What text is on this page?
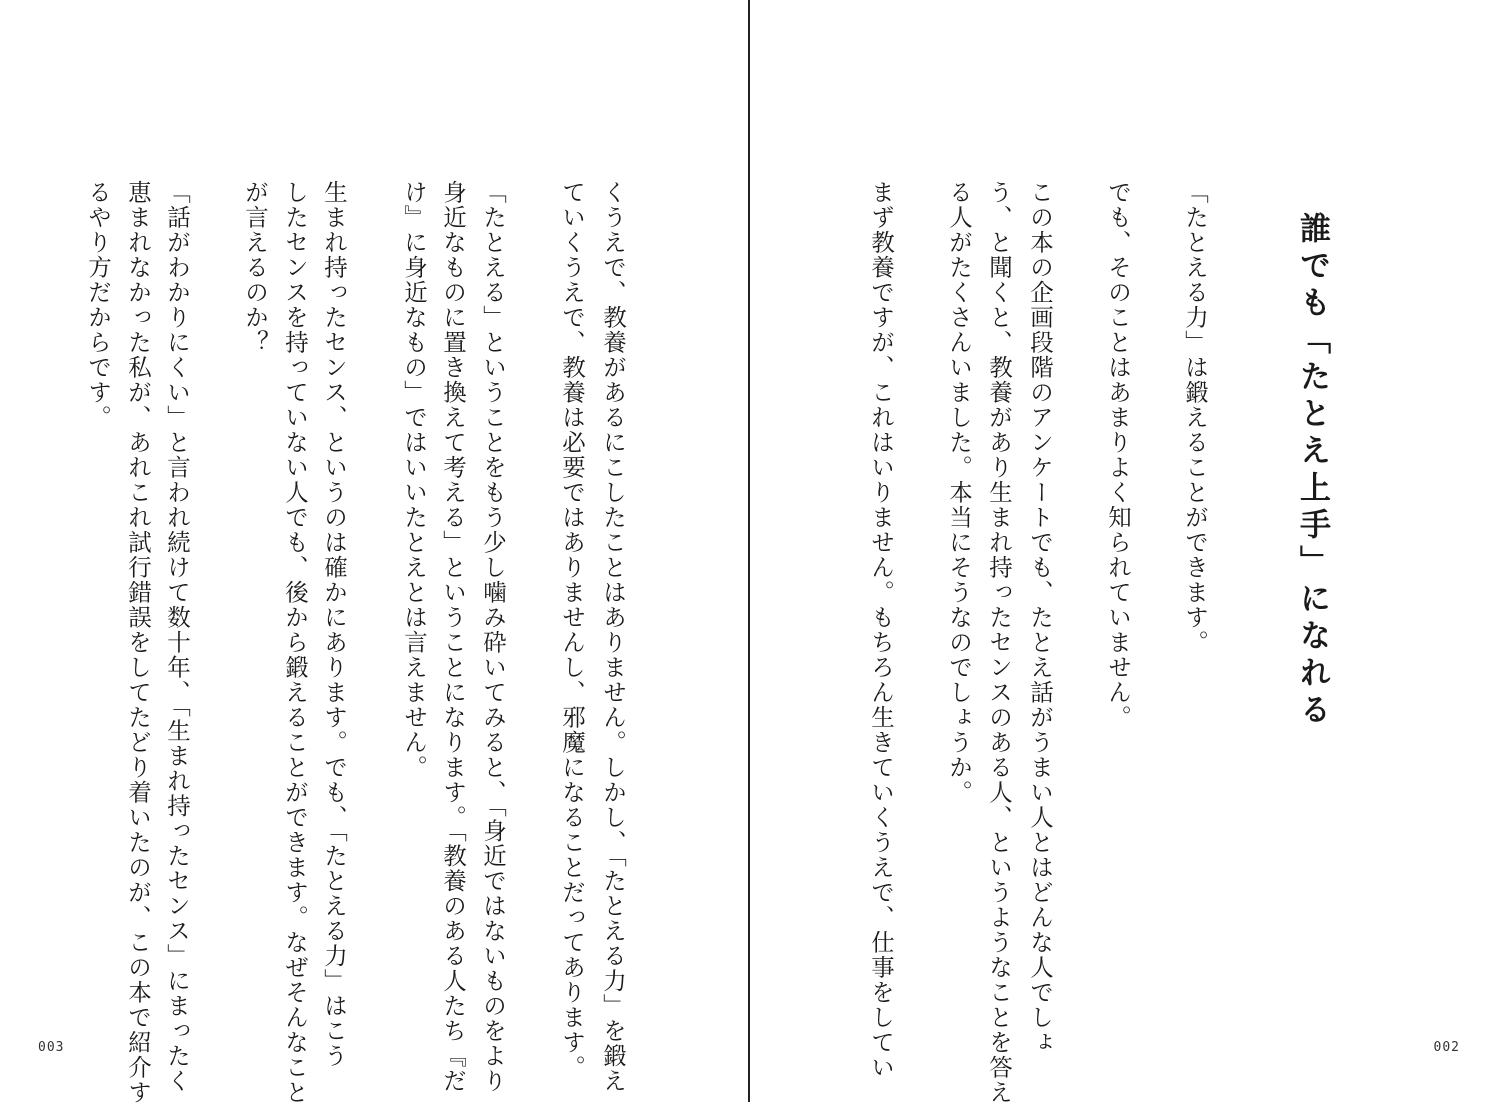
誰でも「たとえ上手」になれる
「たとえる力」は鍛えることができます。
でも、そのことはあまりよく知られていません。
この本の企画段階のアンケートでも、たとえ話がうまい人とはどんな人でしょ
う、と聞くと、教養があり生まれ持ったセンスのある人、というようなことを答え
る人がたくさんいました。本当にそうなのでしょうか。
まず教養ですが、これはいりません。もちろん生きていくうえで、仕事をしてい	002
くうえで、教養があるにこしたことはありません。しかし、「たとえる力」を鍛え
ていくうえで、教養は必要ではありませんし、邪魔になることだってあります。
「たとえる」ということをもう少し噛み砕いてみると、「身近ではないものをより
身近なものに置き換えて考える」ということになります。「教養のある人たち『だ
け』に身近なもの」ではいいたとえとは言えません。
生まれ持ったセンス、というのは確かにあります。でも、「たとえる力」はこう
したセンスを持っていない人でも、後から鍛えることができます。なぜそんなこと
が言えるのか？
「話がわかりにくい」と言われ続けて数十年、「生まれ持ったセンス」にまったく
恵まれなかった私が、あれこれ試行錯誤をしてたどり着いたのが、この本で紹介す
るやり方だからです。
003
